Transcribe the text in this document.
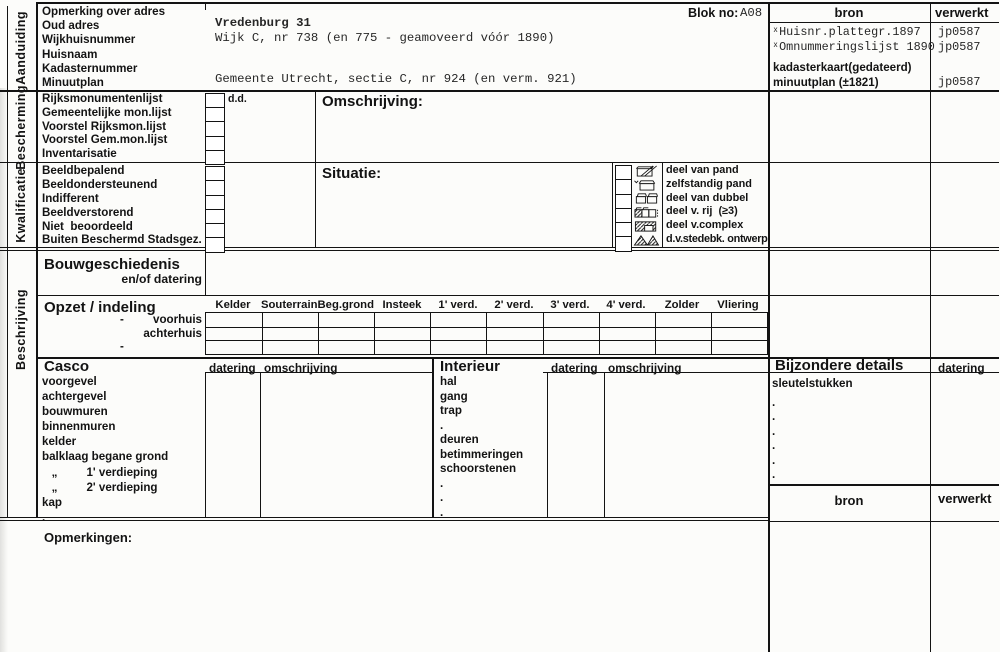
Aanduiding
Bescherming
Kwalificatie
Beschrijving
Opmerking over adres
Oud adres
Wijkhuisnummer
Huisnaam
Kadasternummer
Minuutplan
Vredenburg 31
Wijk C, nr 738 (en 775 - geamoveerd vóór 1890)
Gemeente Utrecht, sectie C, nr 924 (en verm. 921)
Blok no: A08	bron	verwerkt
ˣHuisnr.plattegr.1897 jp0587
ˣOmnummeringslijst 1890 jp0587
kadasterkaart(gedateerd)
minuutplan (±1821)	jp0587
Rijksmonumentenlijst
Gemeentelijke mon.lijst
Voorstel Rijksmon.lijst
Voorstel Gem.mon.lijst
Inventarisatie
d.d.	Omschrijving:
Beeldbepalend
Beeldondersteunend
Indifferent
Beeldverstorend
Niet  beoordeeld
Buiten Beschermd Stadsgez.
Situatie:	deel van pand
zelfstandig pand
deel van dubbel
deel v. rij  (≥3)
deel v.complex
d.v.stedebk. ontwerp
Bouwgeschiedenis
en/of datering
Opzet / indeling	Kelder Souterrain Beg.grond Insteek	1' verd.	2' verd.	3' verd.	4' verd.	Zolder	Vliering
-	voorhuis
achterhuis
-
Casco	datering omschrijving
voorgevel
achtergevel
bouwmuren
binnenmuren
kelder
balklaag begane grond
„         1' verdieping
„         2' verdieping
kap
.
Interieur	datering omschrijving
hal
gang
trap
.
deuren
betimmeringen
schoorstenen
.
.
.
Bijzondere details	datering
sleutelstukken
.
.
.
.
.
.
bron	verwerkt
Opmerkingen:
